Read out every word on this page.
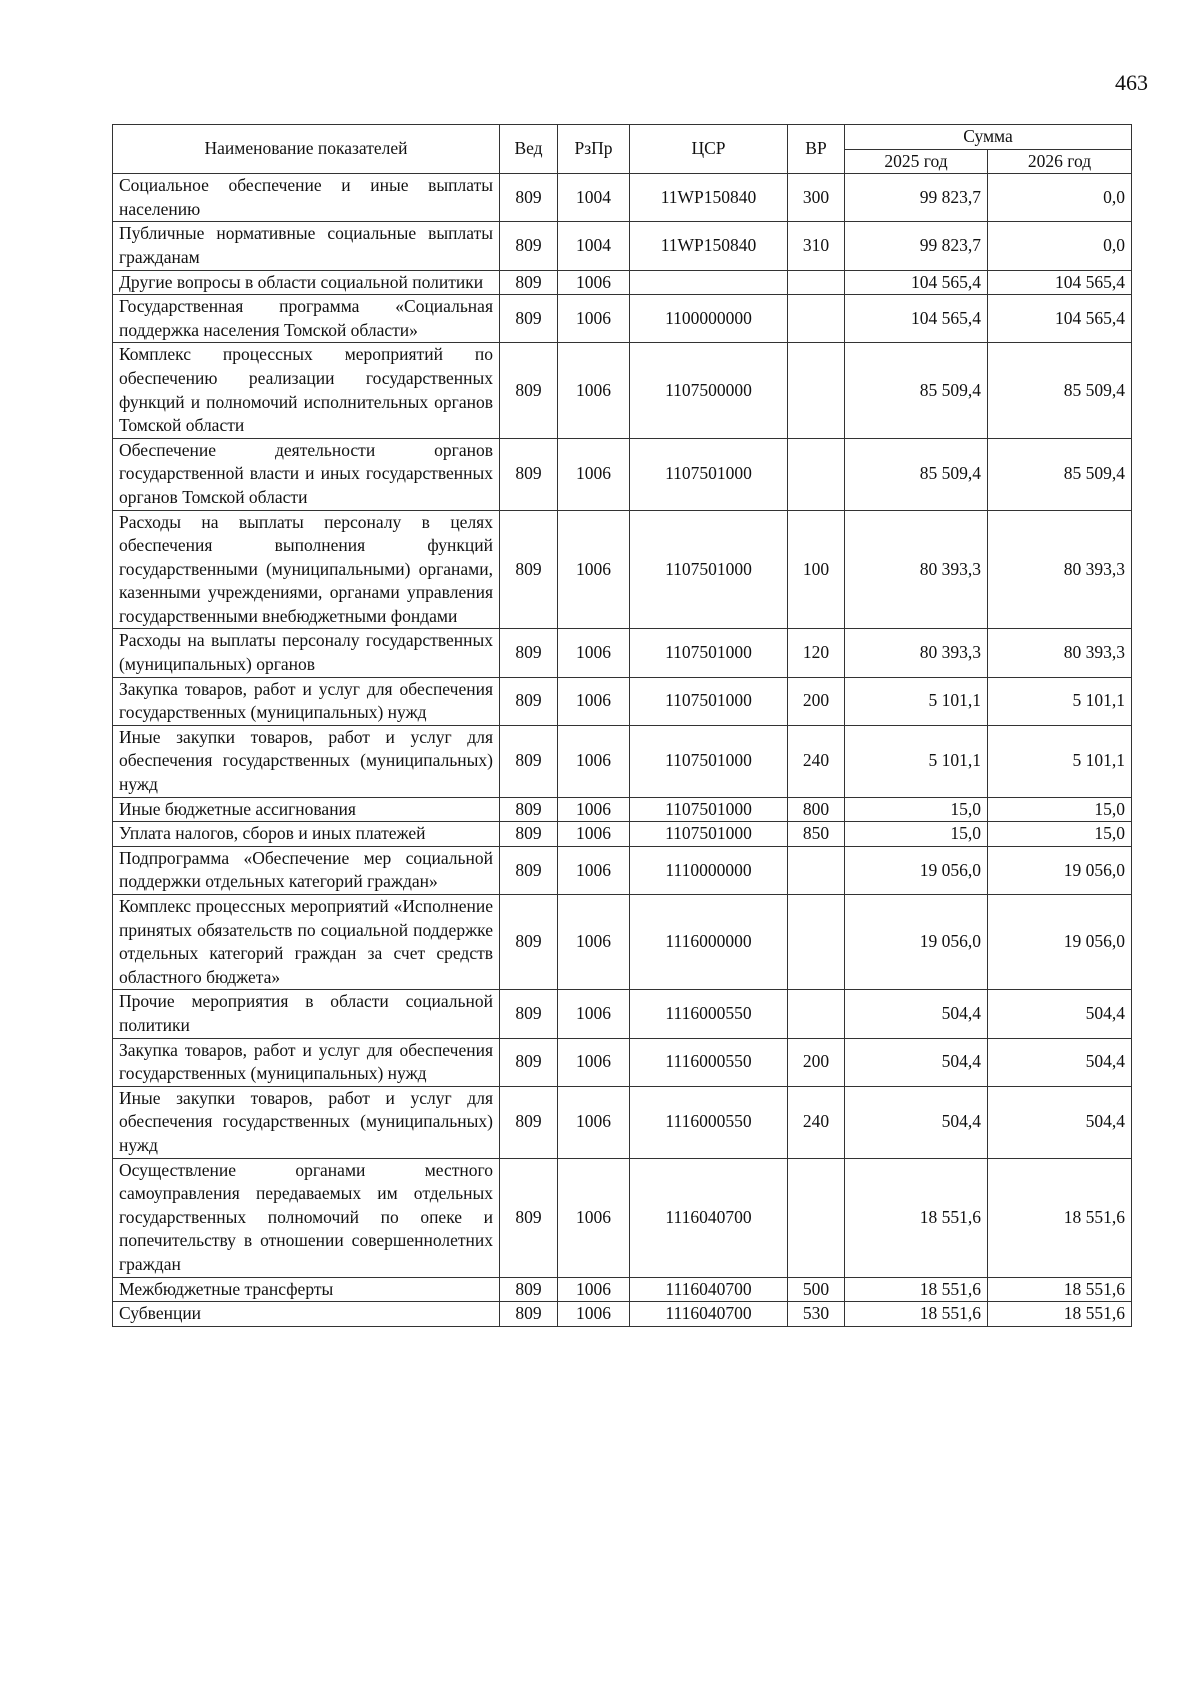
463
Наименование показателей	Вед	РзПр	ЦСР	ВР	Сумма	
					2025 год	2026 год
Социальное обеспечение и иные выплаты населению	809	1004	11WP150840	300	99 823,7	0,0
Публичные нормативные социальные выплаты гражданам	809	1004	11WP150840	310	99 823,7	0,0
Другие вопросы в области социальной политики	809	1006			104 565,4	104 565,4
Государственная программа «Социальная поддержка населения Томской области»	809	1006	1100000000		104 565,4	104 565,4
Комплекс процессных мероприятий по обеспечению реализации государственных функций и полномочий исполнительных органов Томской области	809	1006	1107500000		85 509,4	85 509,4
Обеспечение деятельности органов государственной власти и иных государственных органов Томской области	809	1006	1107501000		85 509,4	85 509,4
Расходы на выплаты персоналу в целях обеспечения выполнения функций государственными (муниципальными) органами, казенными учреждениями, органами управления государственными внебюджетными фондами	809	1006	1107501000	100	80 393,3	80 393,3
Расходы на выплаты персоналу государственных (муниципальных) органов	809	1006	1107501000	120	80 393,3	80 393,3
Закупка товаров, работ и услуг для обеспечения государственных (муниципальных) нужд	809	1006	1107501000	200	5 101,1	5 101,1
Иные закупки товаров, работ и услуг для обеспечения государственных (муниципальных) нужд	809	1006	1107501000	240	5 101,1	5 101,1
Иные бюджетные ассигнования	809	1006	1107501000	800	15,0	15,0
Уплата налогов, сборов и иных платежей	809	1006	1107501000	850	15,0	15,0
Подпрограмма «Обеспечение мер социальной поддержки отдельных категорий граждан»	809	1006	1110000000		19 056,0	19 056,0
Комплекс процессных мероприятий «Исполнение принятых обязательств по социальной поддержке отдельных категорий граждан за счет средств областного бюджета»	809	1006	1116000000		19 056,0	19 056,0
Прочие мероприятия в области социальной политики	809	1006	1116000550		504,4	504,4
Закупка товаров, работ и услуг для обеспечения государственных (муниципальных) нужд	809	1006	1116000550	200	504,4	504,4
Иные закупки товаров, работ и услуг для обеспечения государственных (муниципальных) нужд	809	1006	1116000550	240	504,4	504,4
Осуществление органами местного самоуправления передаваемых им отдельных государственных полномочий по опеке и попечительству в отношении совершеннолетних граждан	809	1006	1116040700		18 551,6	18 551,6
Межбюджетные трансферты	809	1006	1116040700	500	18 551,6	18 551,6
Субвенции	809	1006	1116040700	530	18 551,6	18 551,6
